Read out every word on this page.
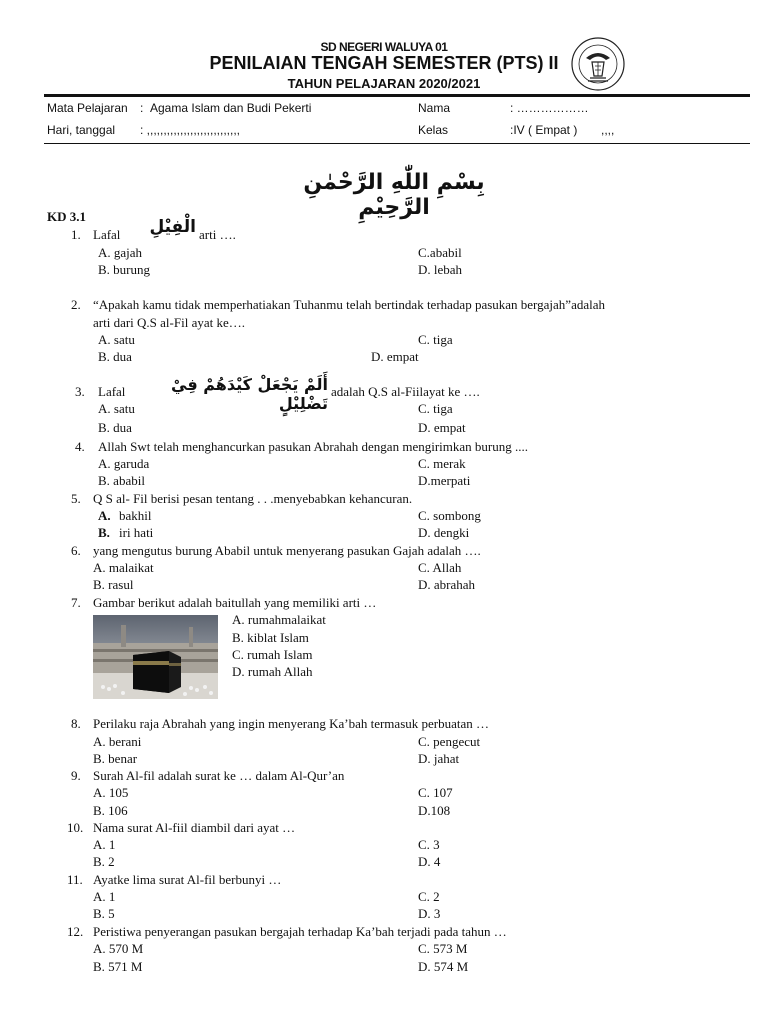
SD NEGERI WALUYA 01
PENILAIAN TENGAH SEMESTER (PTS) II
TAHUN PELAJARAN 2020/2021
Mata Pelajaran : Agama Islam dan Budi Pekerti	Nama	: ………………
Hari, tanggal : ,,,,,,,,,,,,,,,,,,,,,,,,,,,,	Kelas	:IV ( Empat ) ,,,,
بِسْمِ اللّٰهِ الرَّحْمٰنِ الرَّحِيْمِ
KD 3.1
1. Lafal الْفِيْلِ arti ….
A. gajah	C.ababil
B. burung	D. lebah
2. “Apakah kamu tidak memperhatiakan Tuhanmu telah bertindak terhadap pasukan bergajah”adalah
arti dari Q.S al-Fil ayat ke….
A. satu	C. tiga
B. dua	D. empat
3. Lafal	أَلَمْ يَجْعَلْ كَيْدَهُمْ فِيْ تَضْلِيْلٍ
adalah Q.S al-Fiilayat ke ….
A. satu	C. tiga
B. dua	D. empat
4. Allah Swt telah menghancurkan pasukan Abrahah dengan mengirimkan burung ....
A. garuda	C. merak
B. ababil	D.merpati
5. Q S al- Fil berisi pesan tentang . . .menyebabkan kehancuran.
A. bakhil	C. sombong
B. iri hati	D. dengki
6. yang mengutus burung Ababil untuk menyerang pasukan Gajah adalah ….
A. malaikat	C. Allah
B. rasul	D. abrahah
7. Gambar berikut adalah baitullah yang memiliki arti …
A. rumahmalaikat
B. kiblat Islam
C. rumah Islam
D. rumah Allah
8. Perilaku raja Abrahah yang ingin menyerang Ka’bah termasuk perbuatan …
A. berani	C. pengecut
B. benar	D. jahat
9. Surah Al-fil adalah surat ke … dalam Al-Qur’an
A. 105	C. 107
B. 106	D.108
10. Nama surat Al-fiil diambil dari ayat …
A. 1	C. 3
B. 2	D. 4
11. Ayatke lima surat Al-fil berbunyi …
A. 1	C. 2
B. 5	D. 3
12. Peristiwa penyerangan pasukan bergajah terhadap Ka’bah terjadi pada tahun …
A. 570 M	C. 573 M
B. 571 M	D. 574 M
